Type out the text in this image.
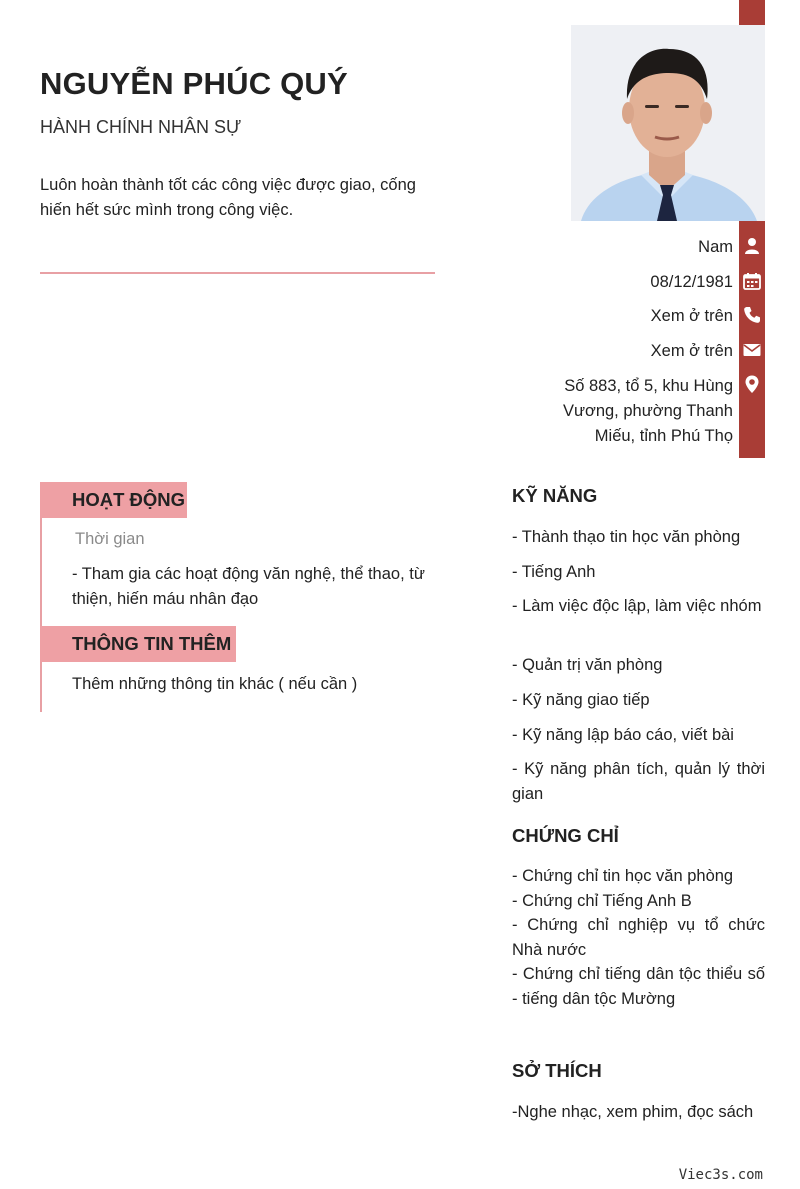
NGUYỄN PHÚC QUÝ
HÀNH CHÍNH NHÂN SỰ
Luôn hoàn thành tốt các công việc được giao, cống hiến hết sức mình trong công việc.
Nam
08/12/1981
Xem ở trên
Xem ở trên
Số 883, tổ 5, khu Hùng Vương, phường Thanh Miếu, tỉnh Phú Thọ
HOẠT ĐỘNG
Thời gian
- Tham gia các hoạt động văn nghệ, thể thao, từ thiện, hiến máu nhân đạo
THÔNG TIN THÊM
Thêm những thông tin khác ( nếu cần )
KỸ NĂNG
- Thành thạo tin học văn phòng
- Tiếng Anh
- Làm việc độc lập, làm việc nhóm
- Quản trị văn phòng
- Kỹ năng giao tiếp
- Kỹ năng lập báo cáo, viết bài
- Kỹ năng phân tích, quản lý thời gian
CHỨNG CHỈ
- Chứng chỉ tin học văn phòng
- Chứng chỉ Tiếng Anh B
- Chứng chỉ nghiệp vụ tổ chức Nhà nước
- Chứng chỉ tiếng dân tộc thiểu số - tiếng dân tộc Mường
SỞ THÍCH
-Nghe nhạc, xem phim, đọc sách
Viec3s.com
